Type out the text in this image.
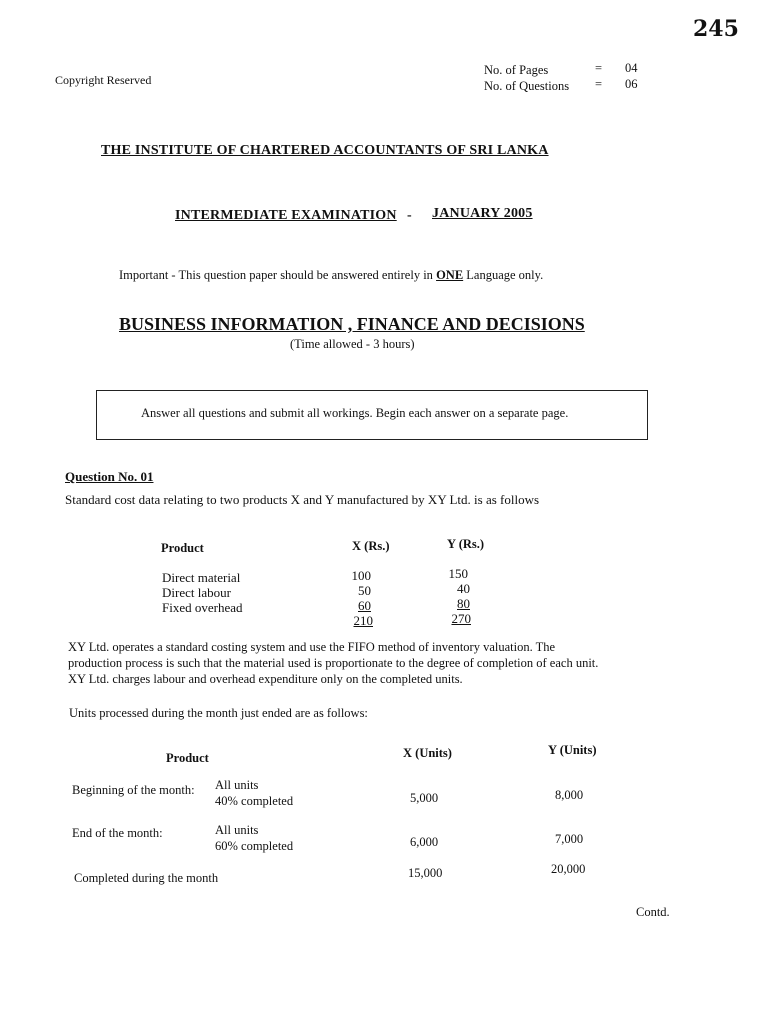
245
Copyright Reserved
No. of Pages	= 04
No. of Questions = 06
THE INSTITUTE OF CHARTERED ACCOUNTANTS OF SRI LANKA
INTERMEDIATE EXAMINATION - JANUARY 2005
Important - This question paper should be answered entirely in ONE Language only.
BUSINESS INFORMATION , FINANCE AND DECISIONS
(Time allowed - 3 hours)
Answer all questions and submit all workings. Begin each answer on a separate page.
Question No. 01
Standard cost data relating to two products X and Y manufactured by XY Ltd. is as follows
Product	X (Rs.)	Y (Rs.)
Direct material	100	150
Direct labour	50	40
Fixed overhead	60	80
210	270
XY Ltd. operates a standard costing system and use the FIFO method of inventory valuation. The
production process is such that the material used is proportionate to the degree of completion of each unit.
XY Ltd. charges labour and overhead expenditure only on the completed units.
Units processed during the month just ended are as follows:
Product	X (Units)	Y (Units)
Beginning of the month: All units
40% completed	5,000	8,000
End of the month:	All units
60% completed	6,000	7,000
Completed during the month	15,000	20,000
Contd.
